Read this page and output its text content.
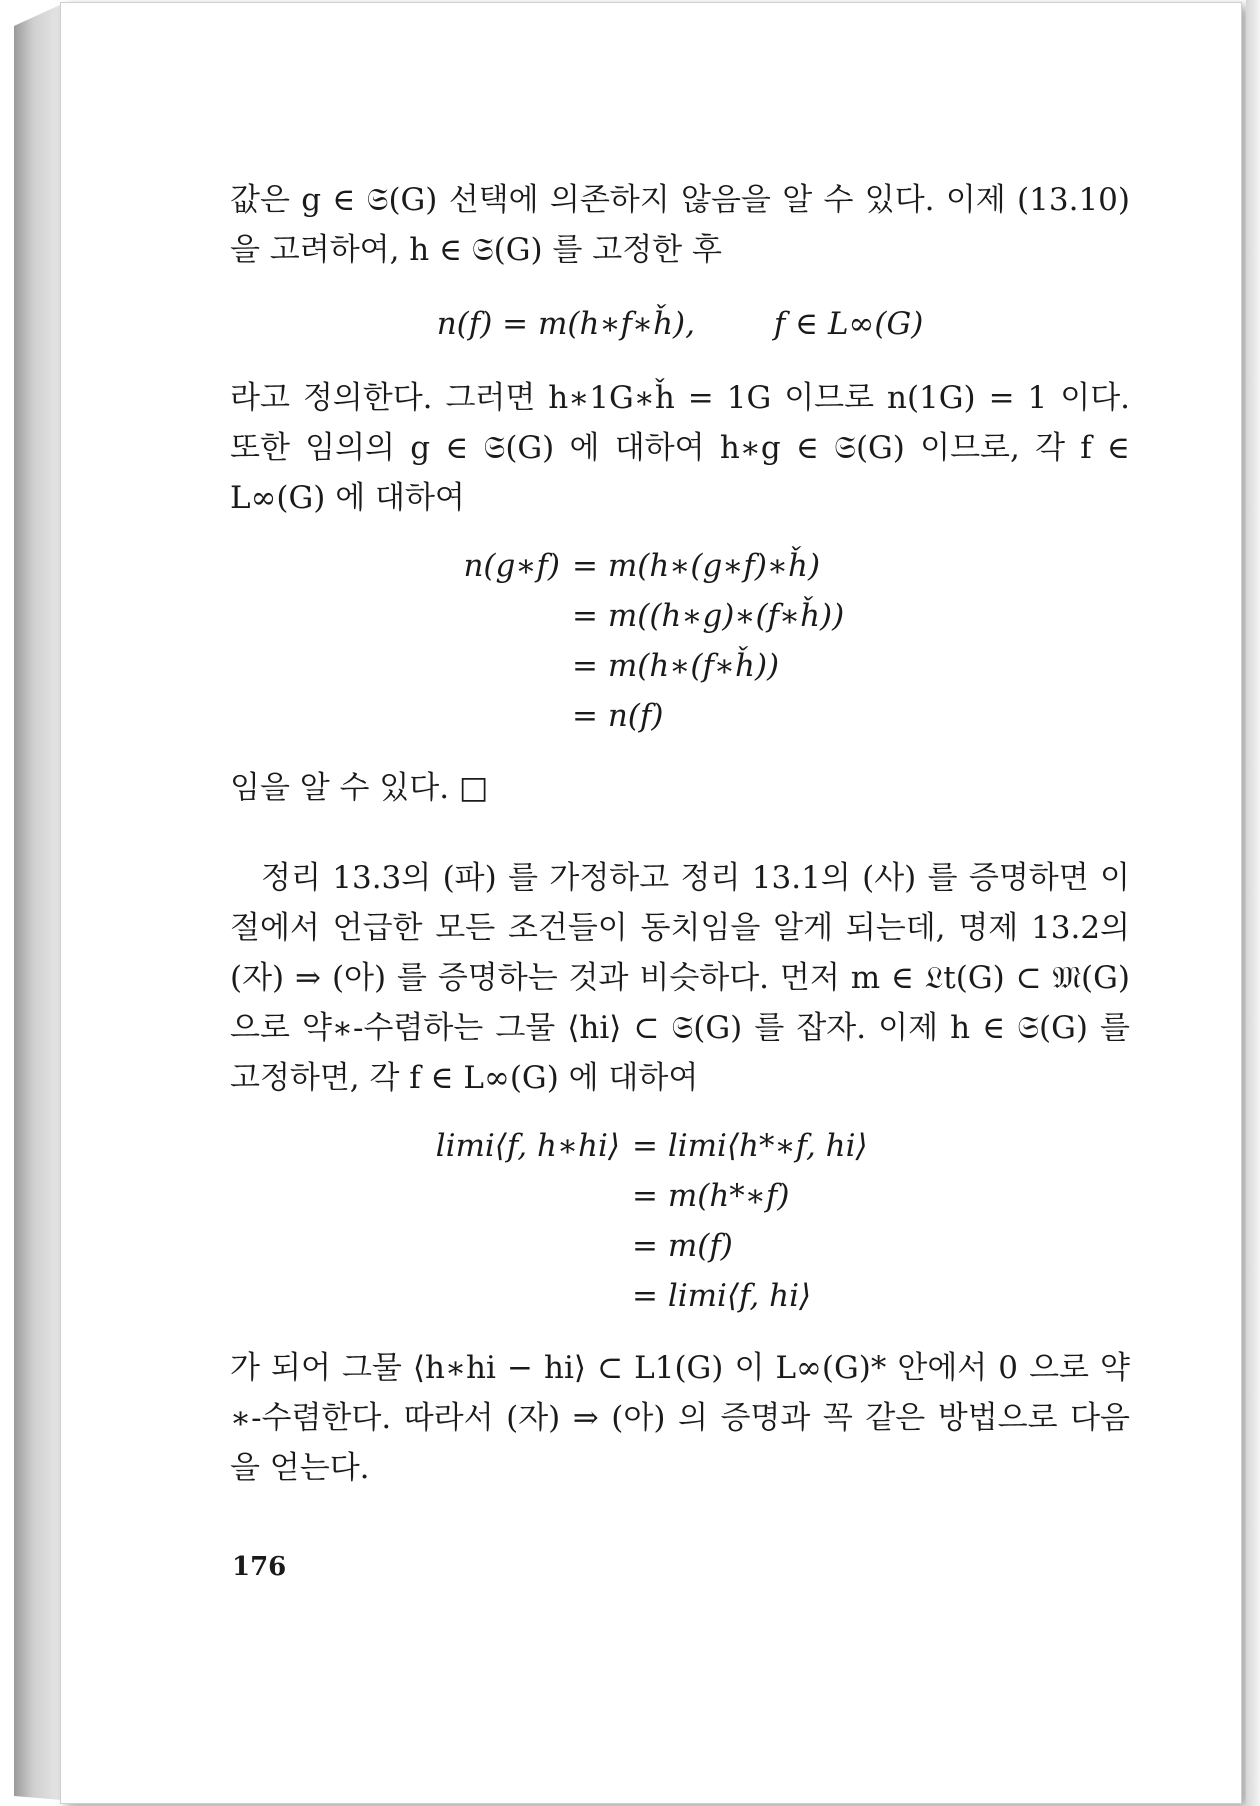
값은 g ∈ 𝔖(G) 선택에 의존하지 않음을 알 수 있다. 이제 (13.10) 을 고려하여, h ∈ 𝔖(G) 를 고정한 후

n(f) = m(h∗f∗ȟ),        f ∈ L∞(G)

라고 정의한다. 그러면 h∗1G∗ȟ = 1G 이므로 n(1G) = 1 이다. 또한 임의의 g ∈ 𝔖(G) 에 대하여 h∗g ∈ 𝔖(G) 이므로, 각 f ∈ L∞(G) 에 대하여

n(g∗f) = m(h∗(g∗f)∗ȟ)
= m((h∗g)∗(f∗ȟ))
= m(h∗(f∗ȟ))
= n(f)

임을 알 수 있다. □

정리 13.3의 (파) 를 가정하고 정리 13.1의 (사) 를 증명하면 이 절에서 언급한 모든 조건들이 동치임을 알게 되는데, 명제 13.2의 (자) ⇒ (아) 를 증명하는 것과 비슷하다. 먼저 m ∈ 𝔏t(G) ⊂ 𝔐(G) 으로 약∗-수렴하는 그물 ⟨hi⟩ ⊂ 𝔖(G) 를 잡자. 이제 h ∈ 𝔖(G) 를 고정하면, 각 f ∈ L∞(G) 에 대하여

limi⟨f, h∗hi⟩ = limi⟨h*∗f, hi⟩
= m(h*∗f)
= m(f)
= limi⟨f, hi⟩

가 되어 그물 ⟨h∗hi − hi⟩ ⊂ L1(G) 이 L∞(G)* 안에서 0 으로 약∗-수렴한다. 따라서 (자) ⇒ (아) 의 증명과 꼭 같은 방법으로 다음을 얻는다.

176
